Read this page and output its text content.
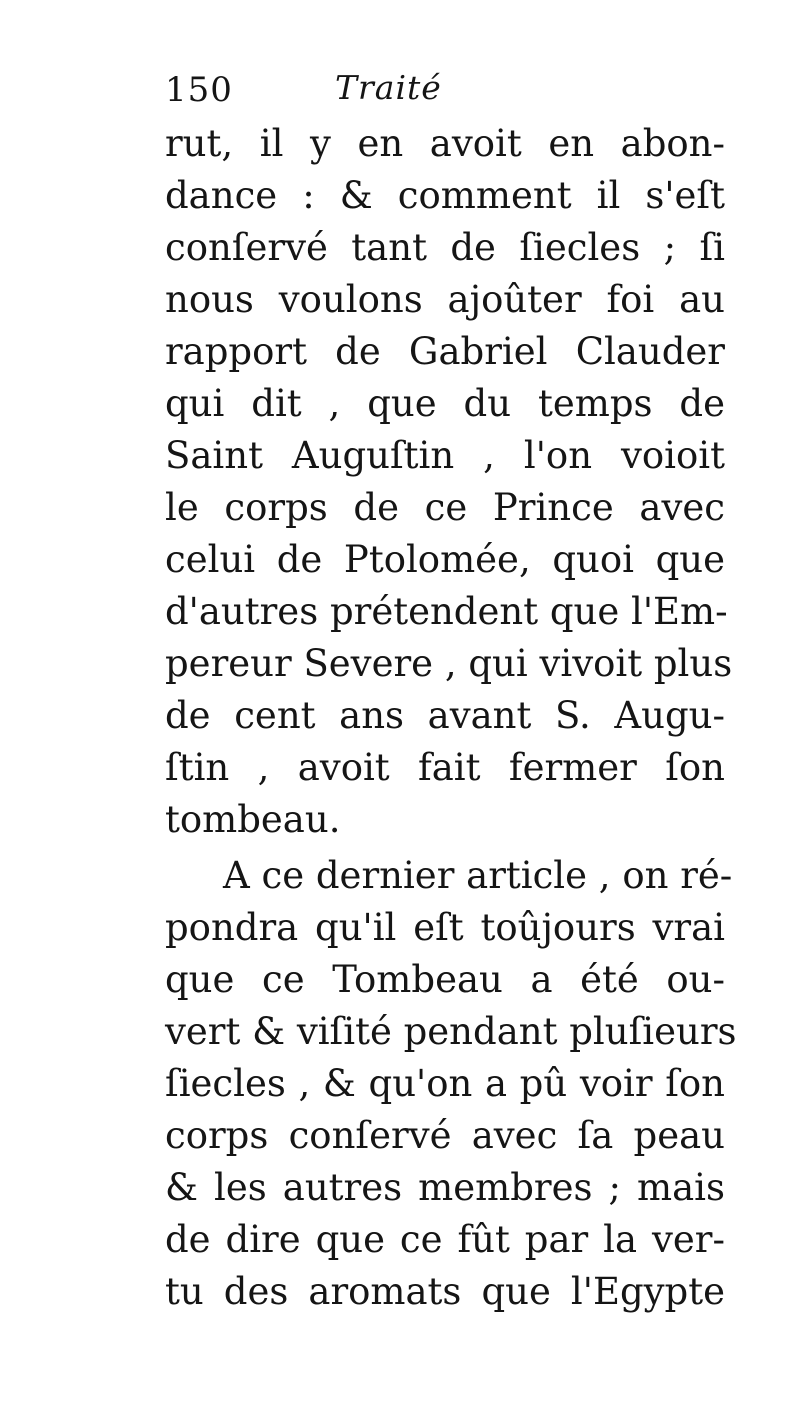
150	Traité
rut, il y en avoit en abon-
dance : & comment il s'eſt
conſervé tant de ſiecles ; ſi
nous voulons ajoûter foi au
rapport de Gabriel Clauder
qui dit , que du temps de
Saint Auguſtin , l'on voioit
le corps de ce Prince avec
celui de Ptolomée, quoi que
d'autres prétendent que l'Em-
pereur Severe , qui vivoit plus
de cent ans avant S. Augu-
ſtin , avoit fait fermer ſon
tombeau.
A ce dernier article , on ré-
pondra qu'il eſt toûjours vrai
que ce Tombeau a été ou-
vert & viſité pendant pluſieurs
ſiecles , & qu'on a pû voir ſon
corps conſervé avec ſa peau
& les autres membres ; mais
de dire que ce fût par la ver-
tu des aromats que l'Egypte
